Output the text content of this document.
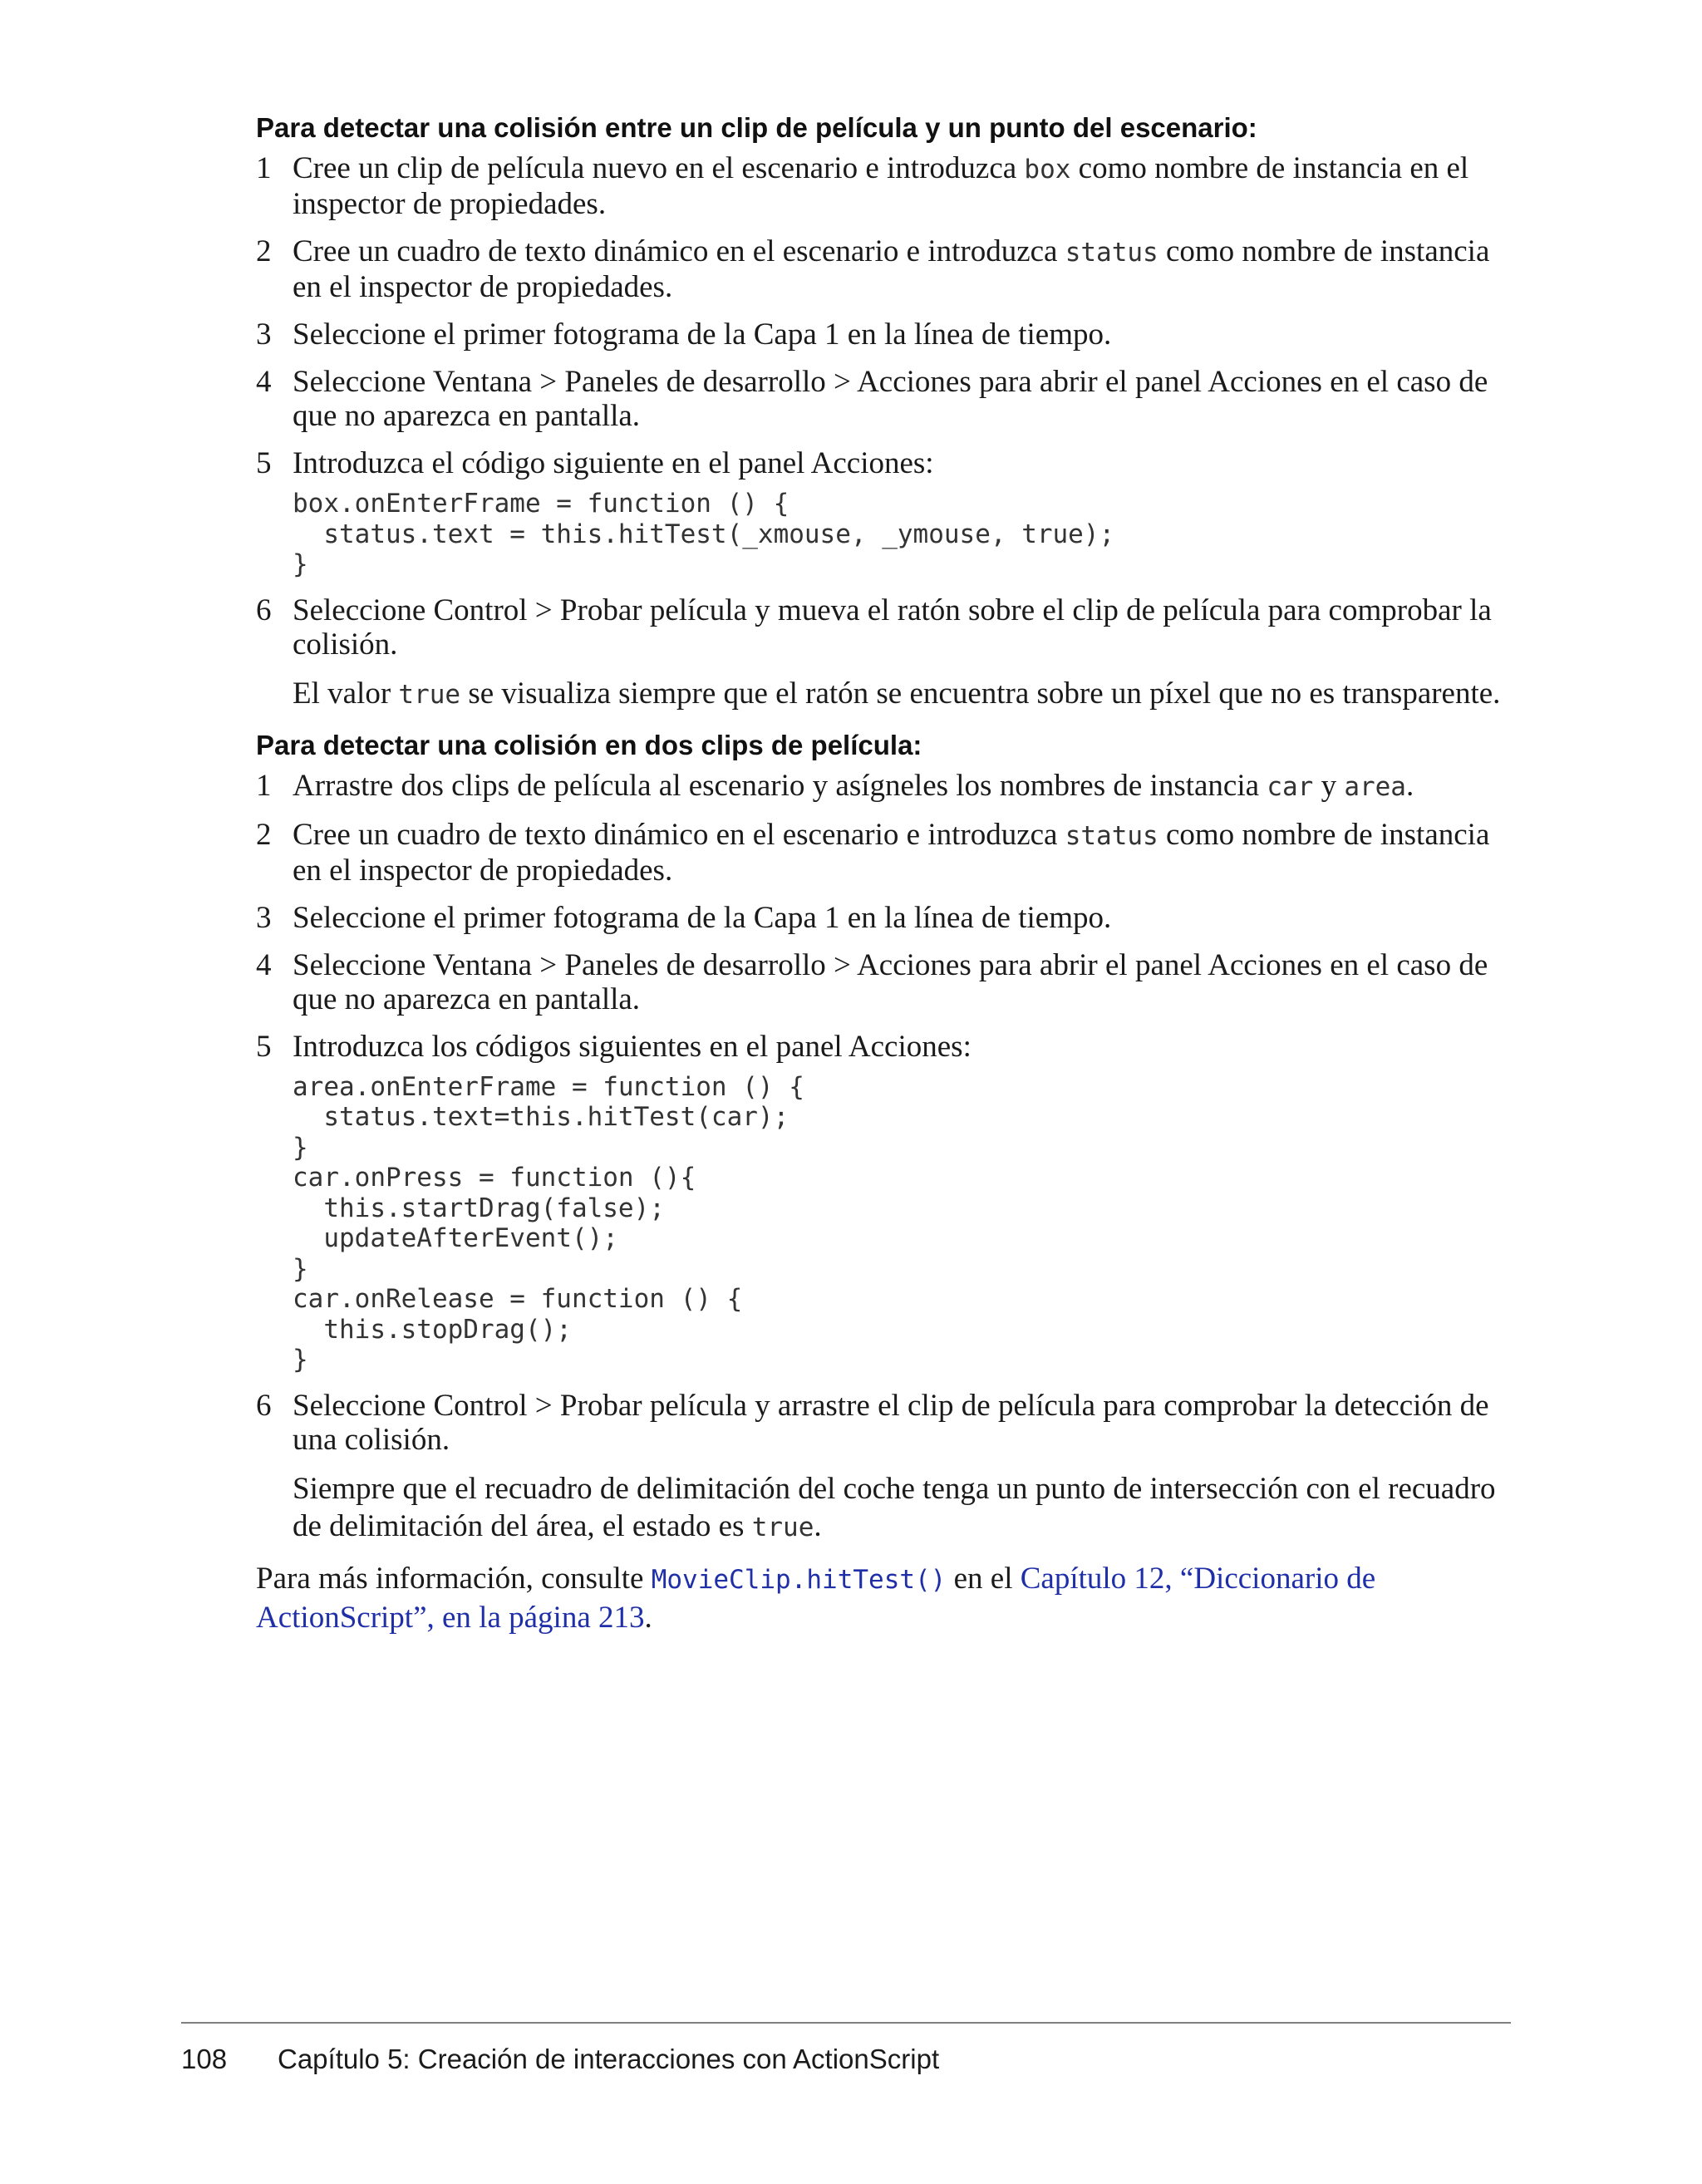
Para detectar una colisión entre un clip de película y un punto del escenario:
1 Cree un clip de película nuevo en el escenario e introduzca box como nombre de instancia en el inspector de propiedades.
2 Cree un cuadro de texto dinámico en el escenario e introduzca status como nombre de instancia en el inspector de propiedades.
3 Seleccione el primer fotograma de la Capa 1 en la línea de tiempo.
4 Seleccione Ventana > Paneles de desarrollo > Acciones para abrir el panel Acciones en el caso de que no aparezca en pantalla.
5 Introduzca el código siguiente en el panel Acciones:
box.onEnterFrame = function () {
status.text = this.hitTest(_xmouse, _ymouse, true);
}
6 Seleccione Control > Probar película y mueva el ratón sobre el clip de película para comprobar la colisión.
El valor true se visualiza siempre que el ratón se encuentra sobre un píxel que no es transparente.
Para detectar una colisión en dos clips de película:
1 Arrastre dos clips de película al escenario y asígneles los nombres de instancia car y area.
2 Cree un cuadro de texto dinámico en el escenario e introduzca status como nombre de instancia en el inspector de propiedades.
3 Seleccione el primer fotograma de la Capa 1 en la línea de tiempo.
4 Seleccione Ventana > Paneles de desarrollo > Acciones para abrir el panel Acciones en el caso de que no aparezca en pantalla.
5 Introduzca los códigos siguientes en el panel Acciones:
area.onEnterFrame = function () {
status.text=this.hitTest(car);
}
car.onPress = function (){
this.startDrag(false);
updateAfterEvent();
}
car.onRelease = function () {
this.stopDrag();
}
6 Seleccione Control > Probar película y arrastre el clip de película para comprobar la detección de una colisión.
Siempre que el recuadro de delimitación del coche tenga un punto de intersección con el recuadro de delimitación del área, el estado es true.
Para más información, consulte MovieClip.hitTest() en el Capítulo 12, “Diccionario de ActionScript”, en la página 213.
108 Capítulo 5: Creación de interacciones con ActionScript
